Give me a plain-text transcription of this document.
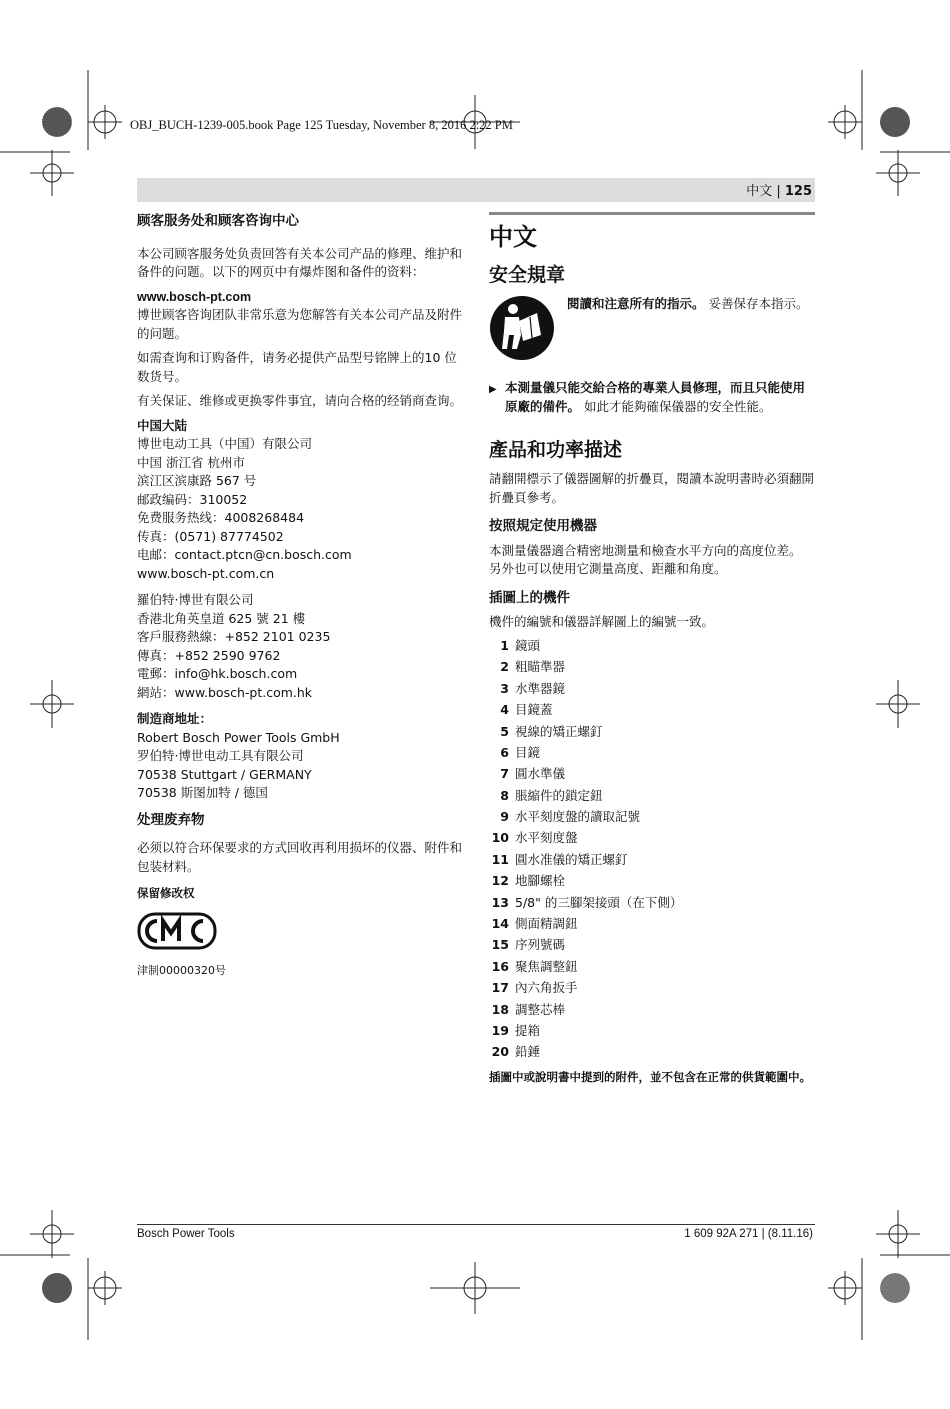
OBJ_BUCH-1239-005.book Page 125 Tuesday, November 8, 2016 2:22 PM
中文 | 125

顾客服务处和顾客咨询中心

本公司顾客服务处负责回答有关本公司产品的修理、维护和备件的问题。以下的网页中有爆炸图和备件的资料：

www.bosch-pt.com

博世顾客咨询团队非常乐意为您解答有关本公司产品及附件的问题。

如需查询和订购备件，请务必提供产品型号铭牌上的10 位数货号。

有关保证、维修或更换零件事宜，请向合格的经销商查询。

中国大陆

博世电动工具（中国）有限公司

中国 浙江省 杭州市

滨江区滨康路 567 号

邮政编码：310052

免费服务热线：4008268484

传真：(0571) 87774502

电邮：contact.ptcn@cn.bosch.com

www.bosch-pt.com.cn

羅伯特·博世有限公司

香港北角英皇道 625 號 21 樓

客戶服務熱線：+852 2101 0235

傳真：+852 2590 9762

電郵：info@hk.bosch.com

網站：www.bosch-pt.com.hk

制造商地址：

Robert Bosch Power Tools GmbH

罗伯特·博世电动工具有限公司

70538 Stuttgart / GERMANY

70538 斯图加特 / 德国

处理废弃物

必须以符合环保要求的方式回收再利用损坏的仪器、附件和包装材料。

保留修改权

津制00000320号

中文
安全規章
閱讀和注意所有的指示。 妥善保存本指示。
▶ 本測量儀只能交給合格的專業人員修理，而且只能使用原廠的備件。 如此才能夠確保儀器的安全性能。
產品和功率描述

請翻開標示了儀器圖解的折疊頁，閱讀本說明書時必須翻開折疊頁參考。

按照規定使用機器

本測量儀器適合精密地測量和檢查水平方向的高度位差。 另外也可以使用它測量高度、距離和角度。

插圖上的機件

機件的編號和儀器詳解圖上的編號一致。

1 鏡頭
2 粗瞄準器
3 水準器鏡
4 目鏡蓋
5 視線的矯正螺釘
6 目鏡
7 圓水準儀
8 脹縮件的鎖定鈕
9 水平刻度盤的讀取記號
10 水平刻度盤
11 圓水准儀的矯正螺釘
12 地腳螺栓
13 5/8" 的三腳架接頭（在下側）
14 側面精調鈕
15 序列號碼
16 聚焦調整鈕
17 內六角扳手
18 調整芯棒
19 提箱
20 鉛錘

插圖中或說明書中提到的附件，並不包含在正常的供貨範圍中。

Bosch Power Tools	1 609 92A 271 | (8.11.16)
